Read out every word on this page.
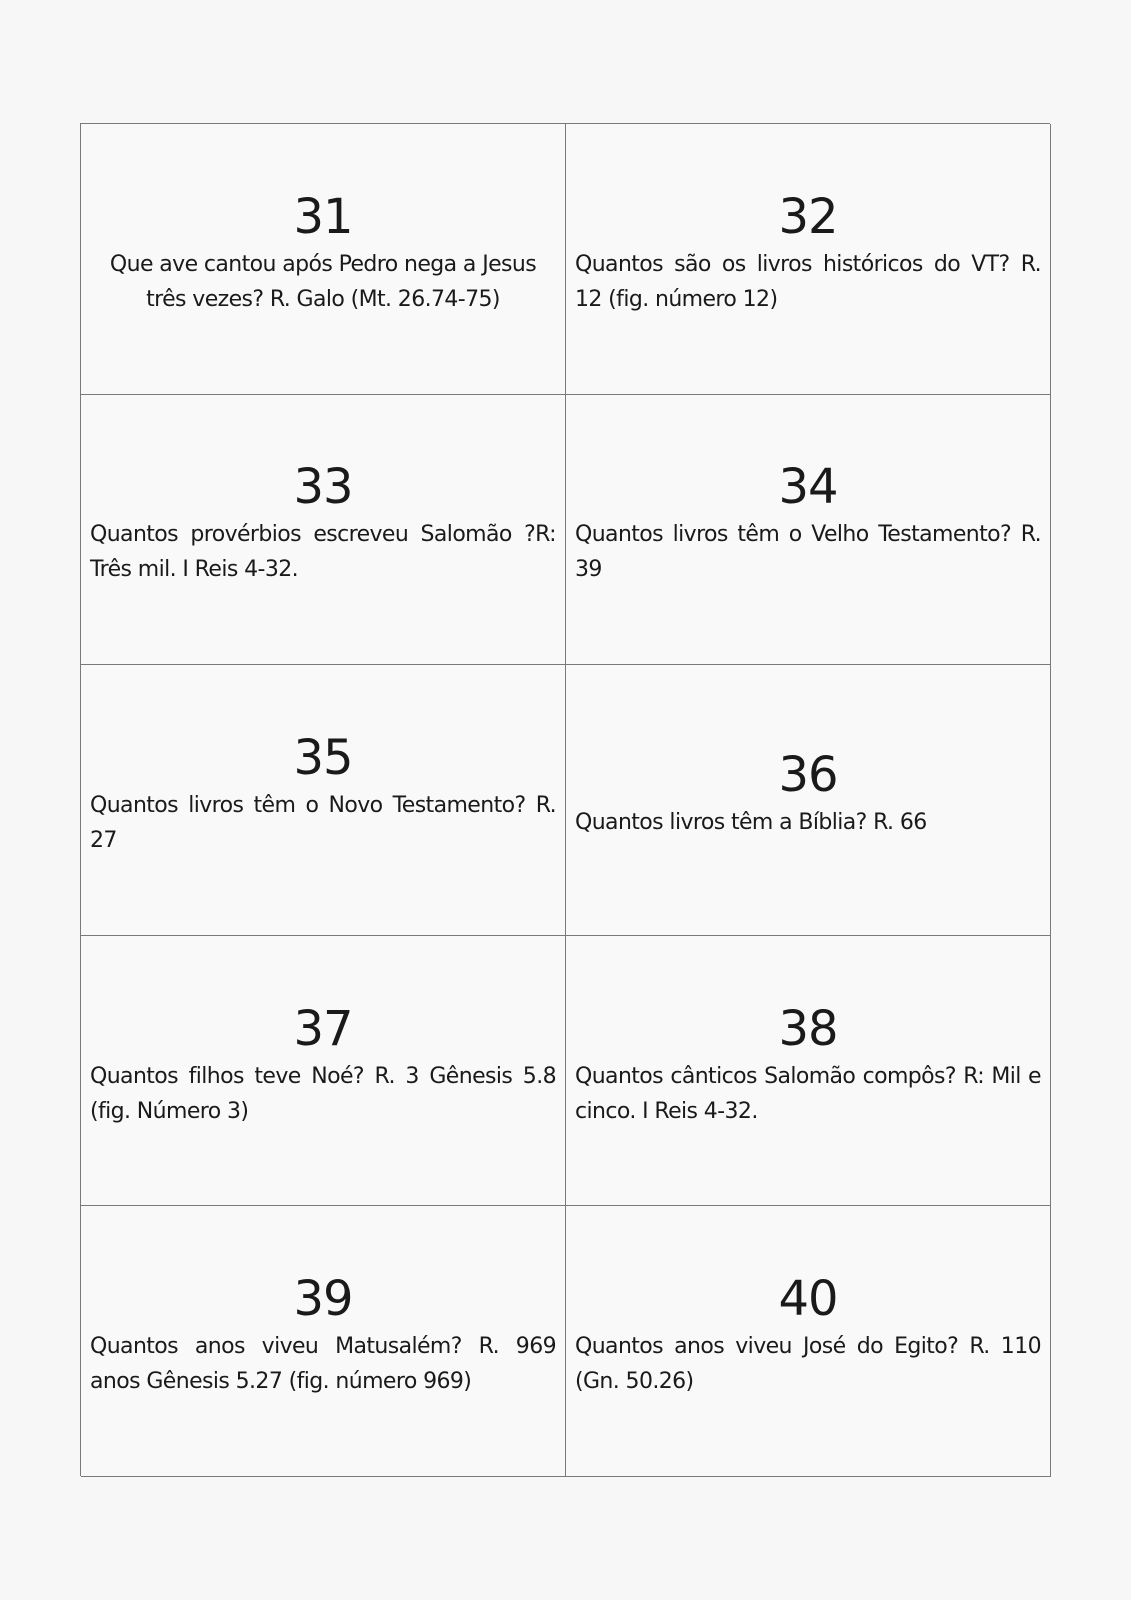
31

Que ave cantou após Pedro nega a Jesus três vezes? R. Galo (Mt. 26.74-75)

32

Quantos são os livros históricos do VT? R. 12 (fig. número 12)

33

Quantos provérbios escreveu Salomão ?R: Três mil. I Reis 4-32.

34

Quantos livros têm o Velho Testamento? R. 39

35

Quantos livros têm o Novo Testamento? R. 27

36

Quantos livros têm a Bíblia? R. 66

37

Quantos filhos teve Noé? R. 3 Gênesis 5.8 (fig. Número 3)

38

Quantos cânticos Salomão compôs? R: Mil e cinco. I Reis 4-32.

39

Quantos anos viveu Matusalém? R. 969 anos Gênesis 5.27 (fig. número 969)

40

Quantos anos viveu José do Egito? R. 110 (Gn. 50.26)
